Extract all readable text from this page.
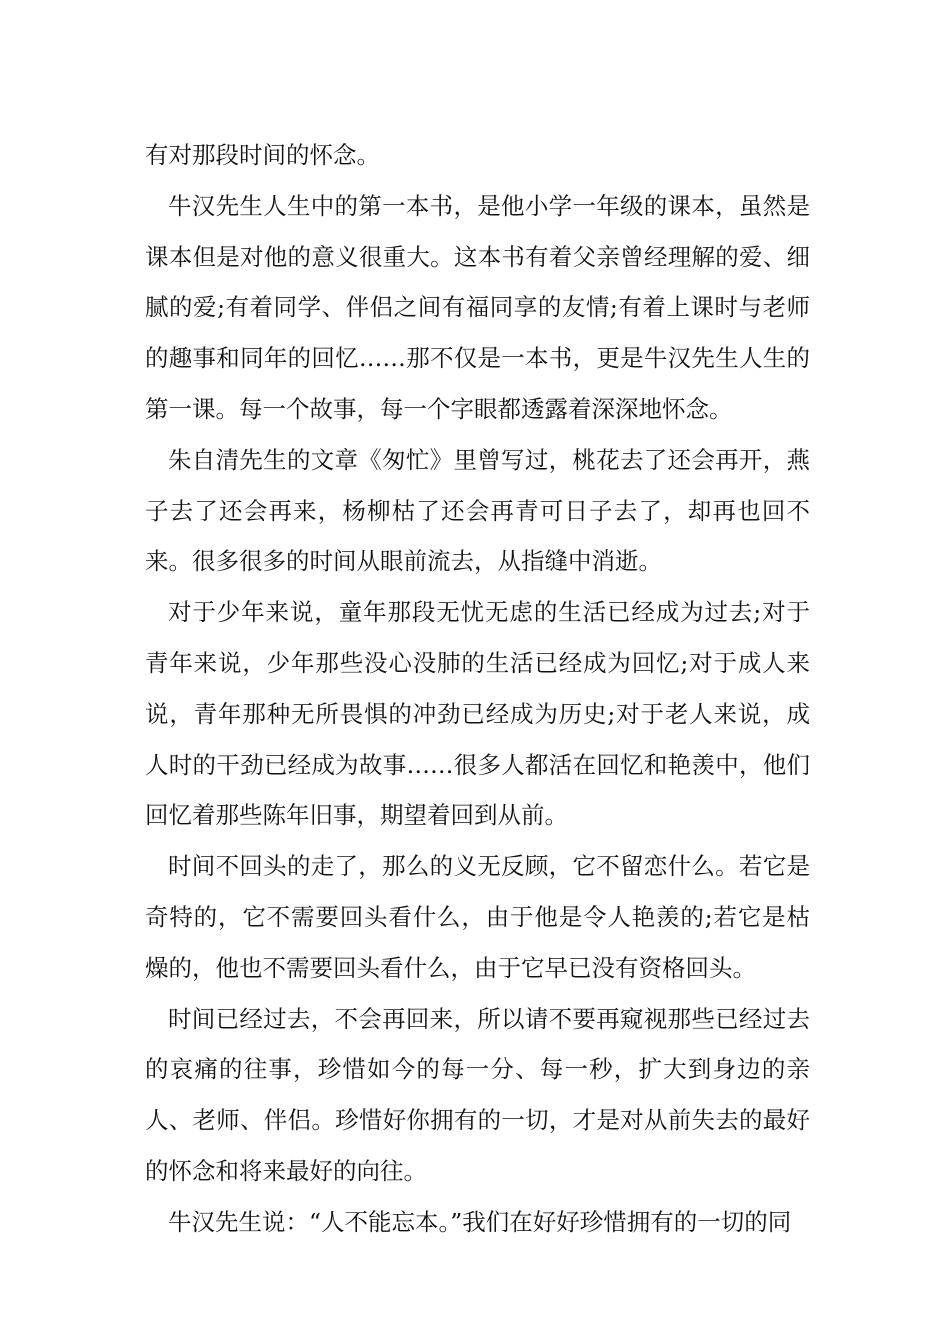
有对那段时间的怀念。

牛汉先生人生中的第一本书，是他小学一年级的课本，虽然是课本但是对他的意义很重大。这本书有着父亲曾经理解的爱、细腻的爱;有着同学、伴侣之间有福同享的友情;有着上课时与老师的趣事和同年的回忆……那不仅是一本书，更是牛汉先生人生的第一课。每一个故事，每一个字眼都透露着深深地怀念。

朱自清先生的文章《匆忙》里曾写过，桃花去了还会再开，燕子去了还会再来，杨柳枯了还会再青可日子去了，却再也回不来。很多很多的时间从眼前流去，从指缝中消逝。

对于少年来说，童年那段无忧无虑的生活已经成为过去;对于青年来说，少年那些没心没肺的生活已经成为回忆;对于成人来说，青年那种无所畏惧的冲劲已经成为历史;对于老人来说，成人时的干劲已经成为故事……很多人都活在回忆和艳羡中，他们回忆着那些陈年旧事，期望着回到从前。

时间不回头的走了，那么的义无反顾，它不留恋什么。若它是奇特的，它不需要回头看什么，由于他是令人艳羡的;若它是枯燥的，他也不需要回头看什么，由于它早已没有资格回头。

时间已经过去，不会再回来，所以请不要再窥视那些已经过去的哀痛的往事，珍惜如今的每一分、每一秒，扩大到身边的亲人、老师、伴侣。珍惜好你拥有的一切，才是对从前失去的最好的怀念和将来最好的向往。

牛汉先生说：“人不能忘本。”我们在好好珍惜拥有的一切的同
